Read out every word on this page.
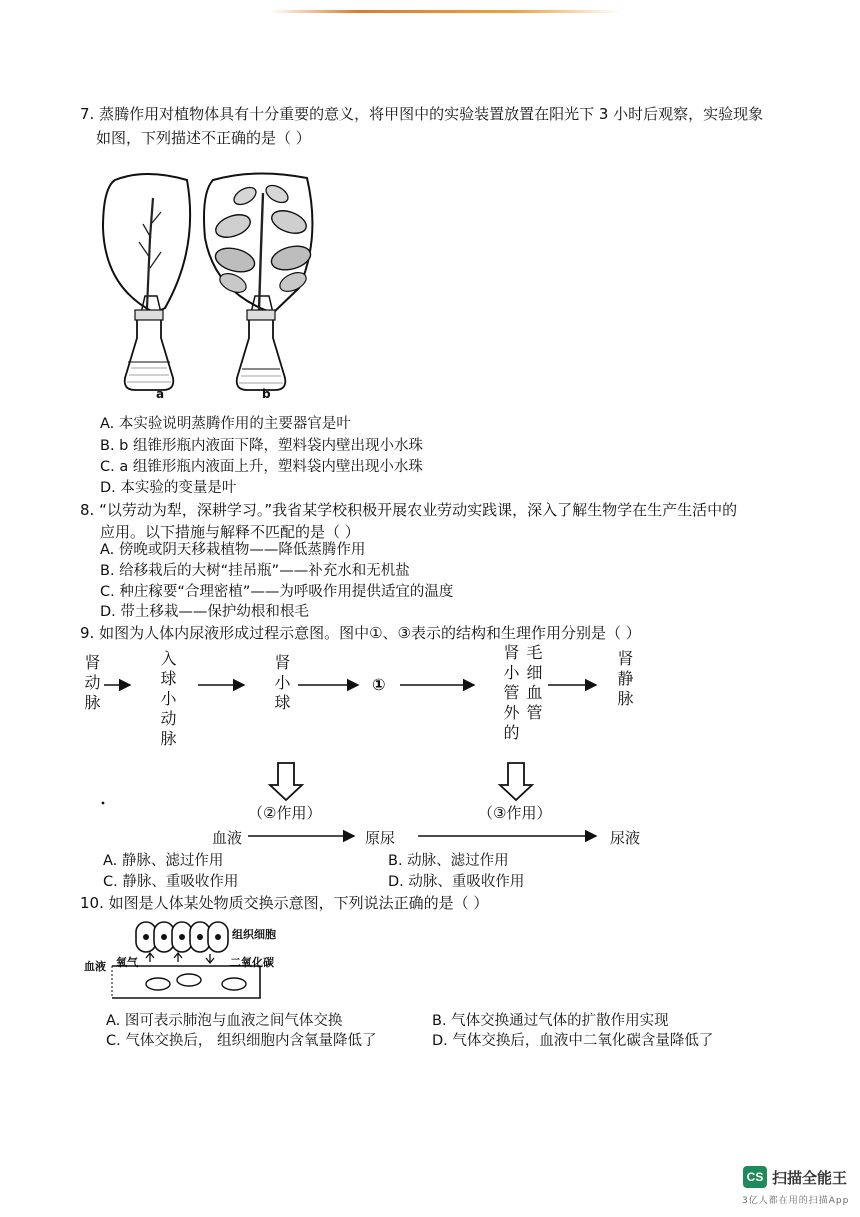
7. 蒸腾作用对植物体具有十分重要的意义，将甲图中的实验装置放置在阳光下 3 小时后观察，实验现象
如图，下列描述不正确的是（ ）
a	b
A. 本实验说明蒸腾作用的主要器官是叶
B. b 组锥形瓶内液面下降，塑料袋内壁出现小水珠
C. a 组锥形瓶内液面上升，塑料袋内壁出现小水珠
D. 本实验的变量是叶
8. “以劳动为犁，深耕学习。”我省某学校积极开展农业劳动实践课，深入了解生物学在生产生活中的
应用。以下措施与解释不匹配的是（ ）
A. 傍晚或阴天移栽植物——降低蒸腾作用
B. 给移栽后的大树“挂吊瓶”——补充水和无机盐
C. 种庄稼要“合理密植”——为呼吸作用提供适宜的温度
D. 带土移栽——保护幼根和根毛
9. 如图为人体内尿液形成过程示意图。图中①、③表示的结构和生理作用分别是（ ）
肾动脉	入球小动脉	肾小球	①	肾小管外的 毛细血管	肾静脉
（②作用）	（③作用）
血液	原尿	尿液
A. 静脉、滤过作用	B. 动脉、滤过作用
C. 静脉、重吸收作用	D. 动脉、重吸收作用
10. 如图是人体某处物质交换示意图，下列说法正确的是（ ）
组织细胞
血液 氧气	二氧化碳
A. 图可表示肺泡与血液之间气体交换	B. 气体交换通过气体的扩散作用实现
C. 气体交换后， 组织细胞内含氧量降低了	D. 气体交换后，血液中二氧化碳含量降低了
CS 扫描全能王
3亿人都在用的扫描App
